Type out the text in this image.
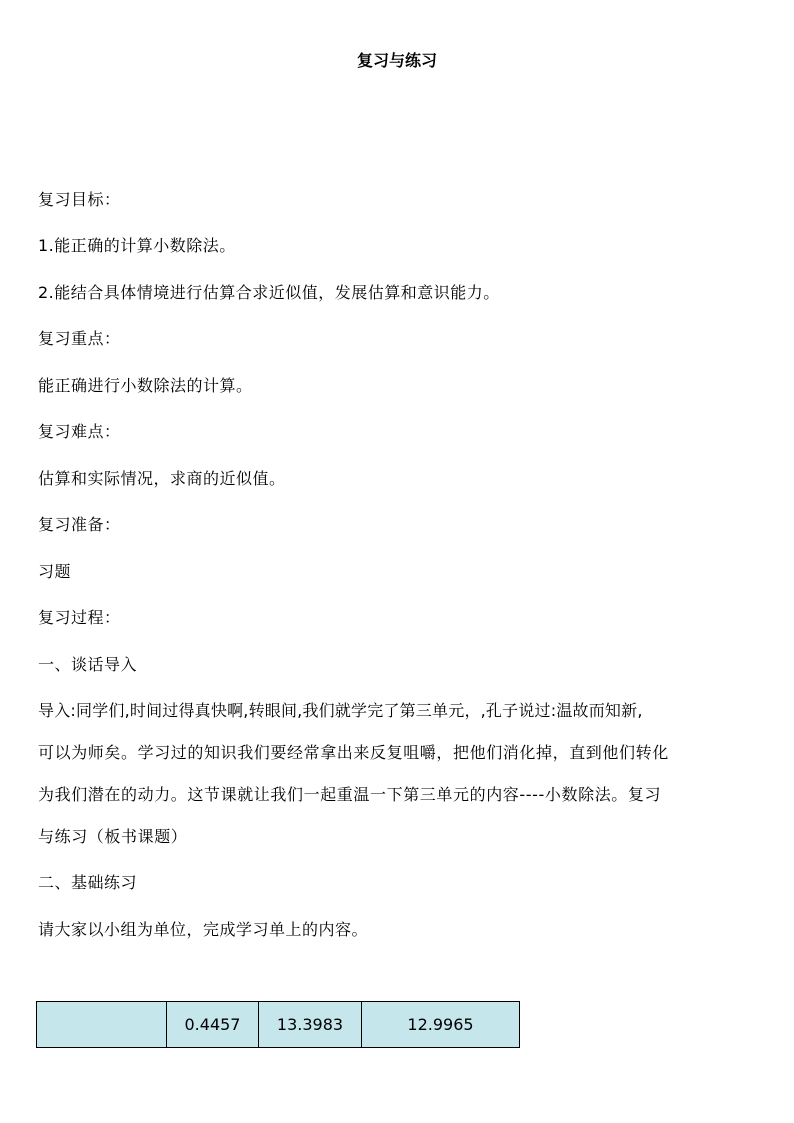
复习与练习
复习目标：
1.能正确的计算小数除法。
2.能结合具体情境进行估算合求近似值，发展估算和意识能力。
复习重点：
能正确进行小数除法的计算。
复习难点：
估算和实际情况，求商的近似值。
复习准备：
习题
复习过程：
一、谈话导入
导入:同学们,时间过得真快啊,转眼间,我们就学完了第三单元，,孔子说过:温故而知新,
可以为师矣。学习过的知识我们要经常拿出来反复咀嚼，把他们消化掉，直到他们转化
为我们潜在的动力。这节课就让我们一起重温一下第三单元的内容----小数除法。复习
与练习（板书课题）
二、基础练习
请大家以小组为单位，完成学习单上的内容。
	0.4457	13.3983	12.9965
